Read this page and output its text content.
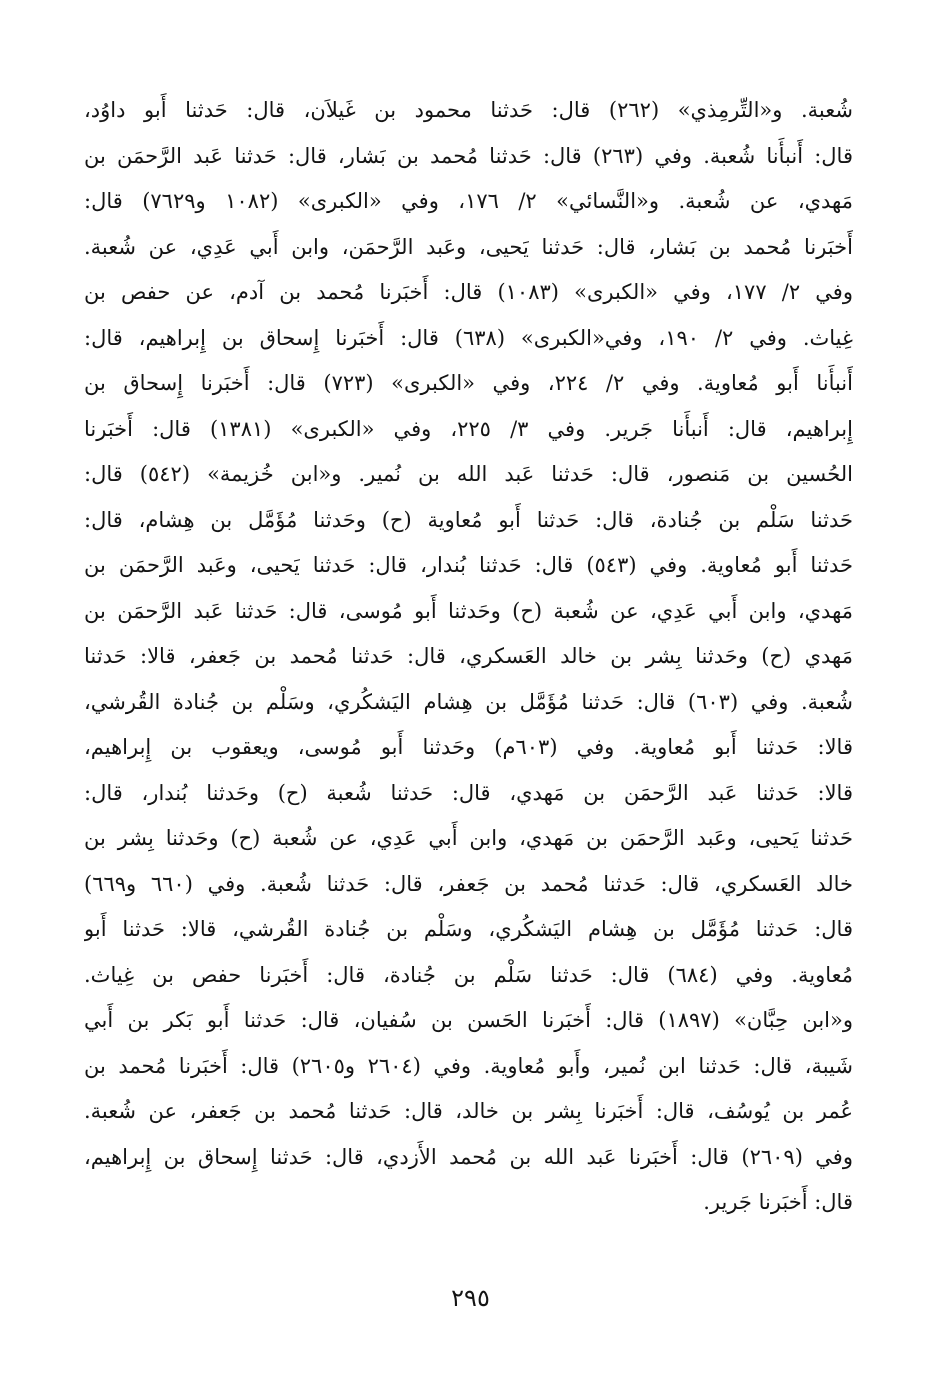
شُعبة. و«التِّرمِذي» (٢٦٢) قال: حَدثنا محمود بن غَيلاَن، قال: حَدثنا أَبو داوُد،
قال: أَنبأَنا شُعبة. وفي (٢٦٣) قال: حَدثنا مُحمد بن بَشار، قال: حَدثنا عَبد الرَّحمَن بن
مَهدي، عن شُعبة. و«النَّسائي» ٢/ ١٧٦، وفي «الكبرى» (١٠٨٢ و٧٦٢٩) قال:
أَخبَرنا مُحمد بن بَشار، قال: حَدثنا يَحيى، وعَبد الرَّحمَن، وابن أَبي عَدِي، عن شُعبة.
وفي ٢/ ١٧٧، وفي «الكبرى» (١٠٨٣) قال: أَخبَرنا مُحمد بن آدم، عن حفص بن
غِياث. وفي ٢/ ١٩٠، وفي«الكبرى» (٦٣٨) قال: أَخبَرنا إِسحاق بن إِبراهيم، قال:
أَنبأَنا أَبو مُعاوية. وفي ٢/ ٢٢٤، وفي «الكبرى» (٧٢٣) قال: أَخبَرنا إِسحاق بن
إِبراهيم، قال: أَنبأَنا جَرير. وفي ٣/ ٢٢٥، وفي «الكبرى» (١٣٨١) قال: أَخبَرنا
الحُسين بن مَنصور، قال: حَدثنا عَبد الله بن نُمير. و«ابن خُزيمة» (٥٤٢) قال:
حَدثنا سَلْم بن جُنادة، قال: حَدثنا أَبو مُعاوية (ح) وحَدثنا مُؤَمَّل بن هِشام، قال:
حَدثنا أَبو مُعاوية. وفي (٥٤٣) قال: حَدثنا بُندار، قال: حَدثنا يَحيى، وعَبد الرَّحمَن بن
مَهدي، وابن أَبي عَدِي، عن شُعبة (ح) وحَدثنا أَبو مُوسى، قال: حَدثنا عَبد الرَّحمَن بن
مَهدي (ح) وحَدثنا بِشر بن خالد العَسكري، قال: حَدثنا مُحمد بن جَعفر، قالا: حَدثنا
شُعبة. وفي (٦٠٣) قال: حَدثنا مُؤَمَّل بن هِشام اليَشكُري، وسَلْم بن جُنادة القُرشي،
قالا: حَدثنا أَبو مُعاوية. وفي (٦٠٣م) وحَدثنا أَبو مُوسى، ويعقوب بن إِبراهيم،
قالا: حَدثنا عَبد الرَّحمَن بن مَهدي، قال: حَدثنا شُعبة (ح) وحَدثنا بُندار، قال:
حَدثنا يَحيى، وعَبد الرَّحمَن بن مَهدي، وابن أَبي عَدِي، عن شُعبة (ح) وحَدثنا بِشر بن
خالد العَسكري، قال: حَدثنا مُحمد بن جَعفر، قال: حَدثنا شُعبة. وفي (٦٦٠ و٦٦٩)
قال: حَدثنا مُؤَمَّل بن هِشام اليَشكُري، وسَلْم بن جُنادة القُرشي، قالا: حَدثنا أَبو
مُعاوية. وفي (٦٨٤) قال: حَدثنا سَلْم بن جُنادة، قال: أَخبَرنا حفص بن غِياث.
و«ابن حِبَّان» (١٨٩٧) قال: أَخبَرنا الحَسن بن سُفيان، قال: حَدثنا أَبو بَكر بن أَبي
شَيبة، قال: حَدثنا ابن نُمير، وأَبو مُعاوية. وفي (٢٦٠٤ و٢٦٠٥) قال: أَخبَرنا مُحمد بن
عُمر بن يُوسُف، قال: أَخبَرنا بِشر بن خالد، قال: حَدثنا مُحمد بن جَعفر، عن شُعبة.
وفي (٢٦٠٩) قال: أَخبَرنا عَبد الله بن مُحمد الأَزدي، قال: حَدثنا إِسحاق بن إِبراهيم،
قال: أَخبَرنا جَرير.
٢٩٥
